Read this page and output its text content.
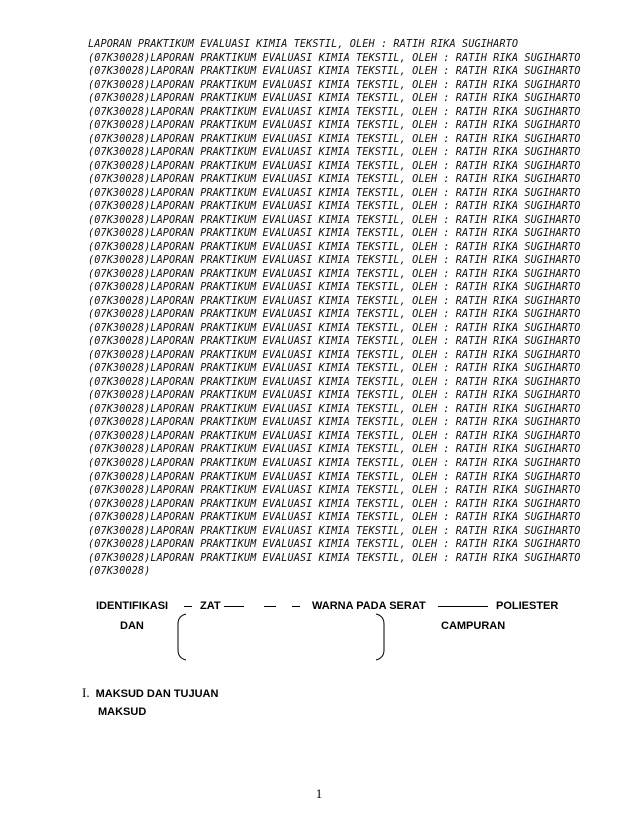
LAPORAN PRAKTIKUM EVALUASI KIMIA TEKSTIL, OLEH : RATIH RIKA SUGIHARTO
(07K30028)LAPORAN PRAKTIKUM EVALUASI KIMIA TEKSTIL, OLEH : RATIH RIKA SUGIHARTO
(07K30028)LAPORAN PRAKTIKUM EVALUASI KIMIA TEKSTIL, OLEH : RATIH RIKA SUGIHARTO
(07K30028)LAPORAN PRAKTIKUM EVALUASI KIMIA TEKSTIL, OLEH : RATIH RIKA SUGIHARTO
(07K30028)LAPORAN PRAKTIKUM EVALUASI KIMIA TEKSTIL, OLEH : RATIH RIKA SUGIHARTO
(07K30028)LAPORAN PRAKTIKUM EVALUASI KIMIA TEKSTIL, OLEH : RATIH RIKA SUGIHARTO
(07K30028)LAPORAN PRAKTIKUM EVALUASI KIMIA TEKSTIL, OLEH : RATIH RIKA SUGIHARTO
(07K30028)LAPORAN PRAKTIKUM EVALUASI KIMIA TEKSTIL, OLEH : RATIH RIKA SUGIHARTO
(07K30028)LAPORAN PRAKTIKUM EVALUASI KIMIA TEKSTIL, OLEH : RATIH RIKA SUGIHARTO
(07K30028)LAPORAN PRAKTIKUM EVALUASI KIMIA TEKSTIL, OLEH : RATIH RIKA SUGIHARTO
(07K30028)LAPORAN PRAKTIKUM EVALUASI KIMIA TEKSTIL, OLEH : RATIH RIKA SUGIHARTO
(07K30028)LAPORAN PRAKTIKUM EVALUASI KIMIA TEKSTIL, OLEH : RATIH RIKA SUGIHARTO
(07K30028)LAPORAN PRAKTIKUM EVALUASI KIMIA TEKSTIL, OLEH : RATIH RIKA SUGIHARTO
(07K30028)LAPORAN PRAKTIKUM EVALUASI KIMIA TEKSTIL, OLEH : RATIH RIKA SUGIHARTO
(07K30028)LAPORAN PRAKTIKUM EVALUASI KIMIA TEKSTIL, OLEH : RATIH RIKA SUGIHARTO
(07K30028)LAPORAN PRAKTIKUM EVALUASI KIMIA TEKSTIL, OLEH : RATIH RIKA SUGIHARTO
(07K30028)LAPORAN PRAKTIKUM EVALUASI KIMIA TEKSTIL, OLEH : RATIH RIKA SUGIHARTO
(07K30028)LAPORAN PRAKTIKUM EVALUASI KIMIA TEKSTIL, OLEH : RATIH RIKA SUGIHARTO
(07K30028)LAPORAN PRAKTIKUM EVALUASI KIMIA TEKSTIL, OLEH : RATIH RIKA SUGIHARTO
(07K30028)LAPORAN PRAKTIKUM EVALUASI KIMIA TEKSTIL, OLEH : RATIH RIKA SUGIHARTO
(07K30028)LAPORAN PRAKTIKUM EVALUASI KIMIA TEKSTIL, OLEH : RATIH RIKA SUGIHARTO
(07K30028)LAPORAN PRAKTIKUM EVALUASI KIMIA TEKSTIL, OLEH : RATIH RIKA SUGIHARTO
(07K30028)LAPORAN PRAKTIKUM EVALUASI KIMIA TEKSTIL, OLEH : RATIH RIKA SUGIHARTO
(07K30028)LAPORAN PRAKTIKUM EVALUASI KIMIA TEKSTIL, OLEH : RATIH RIKA SUGIHARTO
(07K30028)LAPORAN PRAKTIKUM EVALUASI KIMIA TEKSTIL, OLEH : RATIH RIKA SUGIHARTO
(07K30028)LAPORAN PRAKTIKUM EVALUASI KIMIA TEKSTIL, OLEH : RATIH RIKA SUGIHARTO
(07K30028)LAPORAN PRAKTIKUM EVALUASI KIMIA TEKSTIL, OLEH : RATIH RIKA SUGIHARTO
(07K30028)LAPORAN PRAKTIKUM EVALUASI KIMIA TEKSTIL, OLEH : RATIH RIKA SUGIHARTO
(07K30028)LAPORAN PRAKTIKUM EVALUASI KIMIA TEKSTIL, OLEH : RATIH RIKA SUGIHARTO
(07K30028)LAPORAN PRAKTIKUM EVALUASI KIMIA TEKSTIL, OLEH : RATIH RIKA SUGIHARTO
(07K30028)LAPORAN PRAKTIKUM EVALUASI KIMIA TEKSTIL, OLEH : RATIH RIKA SUGIHARTO
(07K30028)LAPORAN PRAKTIKUM EVALUASI KIMIA TEKSTIL, OLEH : RATIH RIKA SUGIHARTO
(07K30028)LAPORAN PRAKTIKUM EVALUASI KIMIA TEKSTIL, OLEH : RATIH RIKA SUGIHARTO
(07K30028)LAPORAN PRAKTIKUM EVALUASI KIMIA TEKSTIL, OLEH : RATIH RIKA SUGIHARTO
(07K30028)LAPORAN PRAKTIKUM EVALUASI KIMIA TEKSTIL, OLEH : RATIH RIKA SUGIHARTO
(07K30028)LAPORAN PRAKTIKUM EVALUASI KIMIA TEKSTIL, OLEH : RATIH RIKA SUGIHARTO
(07K30028)LAPORAN PRAKTIKUM EVALUASI KIMIA TEKSTIL, OLEH : RATIH RIKA SUGIHARTO
(07K30028)LAPORAN PRAKTIKUM EVALUASI KIMIA TEKSTIL, OLEH : RATIH RIKA SUGIHARTO
(07K30028)LAPORAN PRAKTIKUM EVALUASI KIMIA TEKSTIL, OLEH : RATIH RIKA SUGIHARTO
(07K30028)
IDENTIFIKASI	ZAT	WARNA PADA SERAT	POLIESTER
DAN	CAMPURAN
I. MAKSUD DAN TUJUAN
MAKSUD
1
